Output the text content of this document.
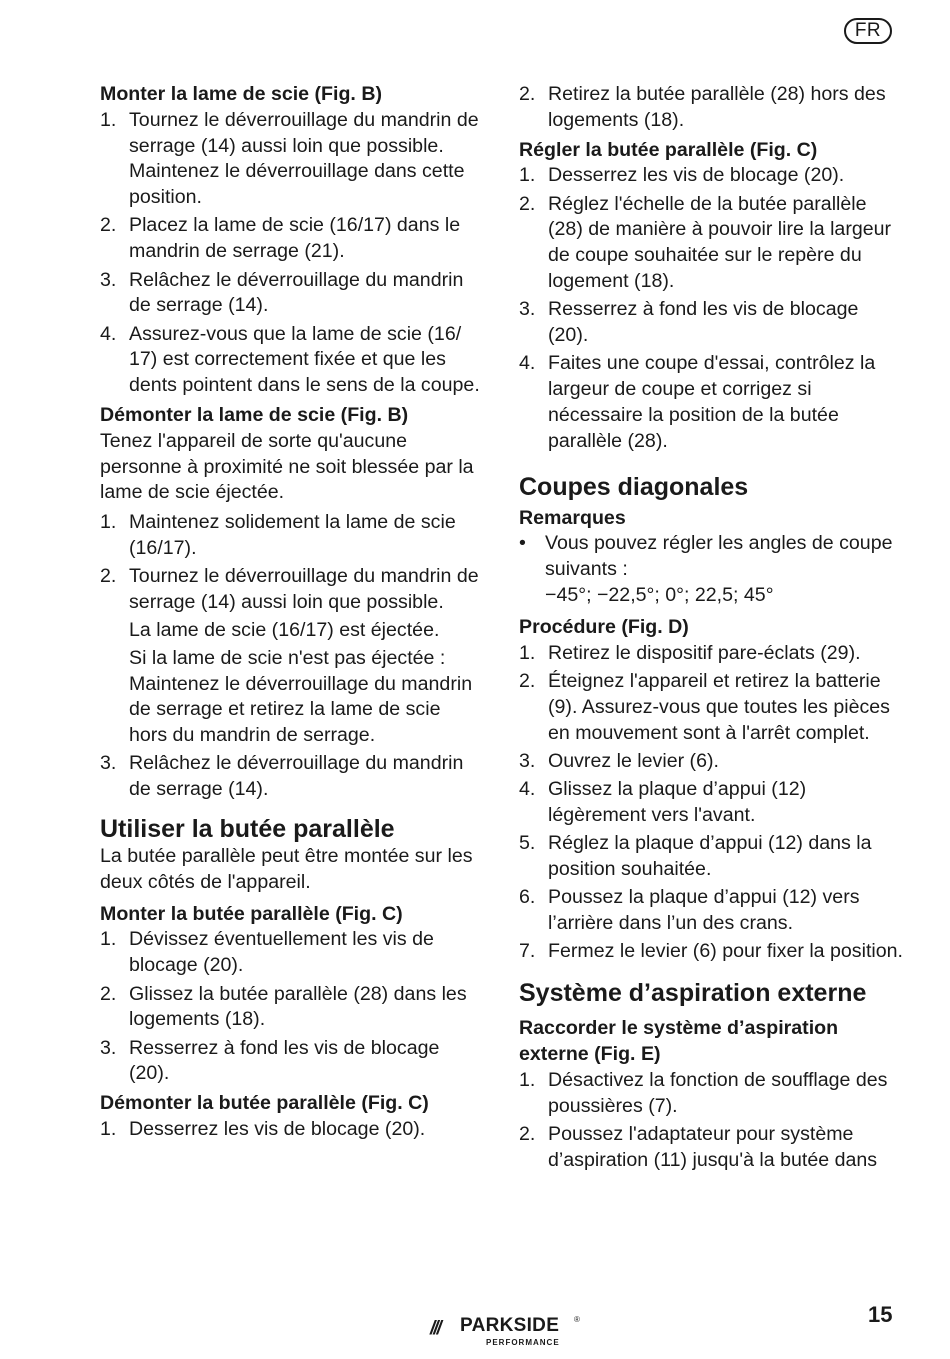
FR
Monter la lame de scie (Fig. B)
1. Tournez le déverrouillage du mandrin de serrage (14) aussi loin que possible. Maintenez le déverrouillage dans cette position.
2. Placez la lame de scie (16/17) dans le mandrin de serrage (21).
3. Relâchez le déverrouillage du mandrin de serrage (14).
4. Assurez-vous que la lame de scie (16/ 17) est correctement fixée et que les dents pointent dans le sens de la coupe.
Démonter la lame de scie (Fig. B)

Tenez l'appareil de sorte qu'aucune personne à proximité ne soit blessée par la lame de scie éjectée.

1. Maintenez solidement la lame de scie (16/17).
2. Tournez le déverrouillage du mandrin de serrage (14) aussi loin que possible.

La lame de scie (16/17) est éjectée.

Si la lame de scie n'est pas éjectée : Maintenez le déverrouillage du mandrin de serrage et retirez la lame de scie hors du mandrin de serrage.

3. Relâchez le déverrouillage du mandrin de serrage (14).
Utiliser la butée parallèle

La butée parallèle peut être montée sur les deux côtés de l'appareil.

Monter la butée parallèle (Fig. C)
1. Dévissez éventuellement les vis de blocage (20).
2. Glissez la butée parallèle (28) dans les logements (18).
3. Resserrez à fond les vis de blocage (20).
Démonter la butée parallèle (Fig. C)
1. Desserrez les vis de blocage (20).
2. Retirez la butée parallèle (28) hors des logements (18).
Régler la butée parallèle (Fig. C)
1. Desserrez les vis de blocage (20).
2. Réglez l'échelle de la butée parallèle (28) de manière à pouvoir lire la largeur de coupe souhaitée sur le repère du logement (18).
3. Resserrez à fond les vis de blocage (20).
4. Faites une coupe d'essai, contrôlez la largeur de coupe et corrigez si nécessaire la position de la butée parallèle (28).
Coupes diagonales
Remarques
• Vous pouvez régler les angles de coupe suivants :

−45°; −22,5°; 0°; 22,5; 45°

Procédure (Fig. D)
1. Retirez le dispositif pare-éclats (29).
2. Éteignez l'appareil et retirez la batterie (9). Assurez-vous que toutes les pièces en mouvement sont à l'arrêt complet.
3. Ouvrez le levier (6).
4. Glissez la plaque d’appui (12) légèrement vers l'avant.
5. Réglez la plaque d’appui (12) dans la position souhaitée.
6. Poussez la plaque d’appui (12) vers l’arrière dans l’un des crans.
7. Fermez le levier (6) pour fixer la position.
Système d’aspiration externe
Raccorder le système d’aspiration externe (Fig. E)
1. Désactivez la fonction de soufflage des poussières (7).
2. Poussez l'adaptateur pour système d’aspiration (11) jusqu'à la butée dans
/// PARKSIDE ®
PERFORMANCE
15
